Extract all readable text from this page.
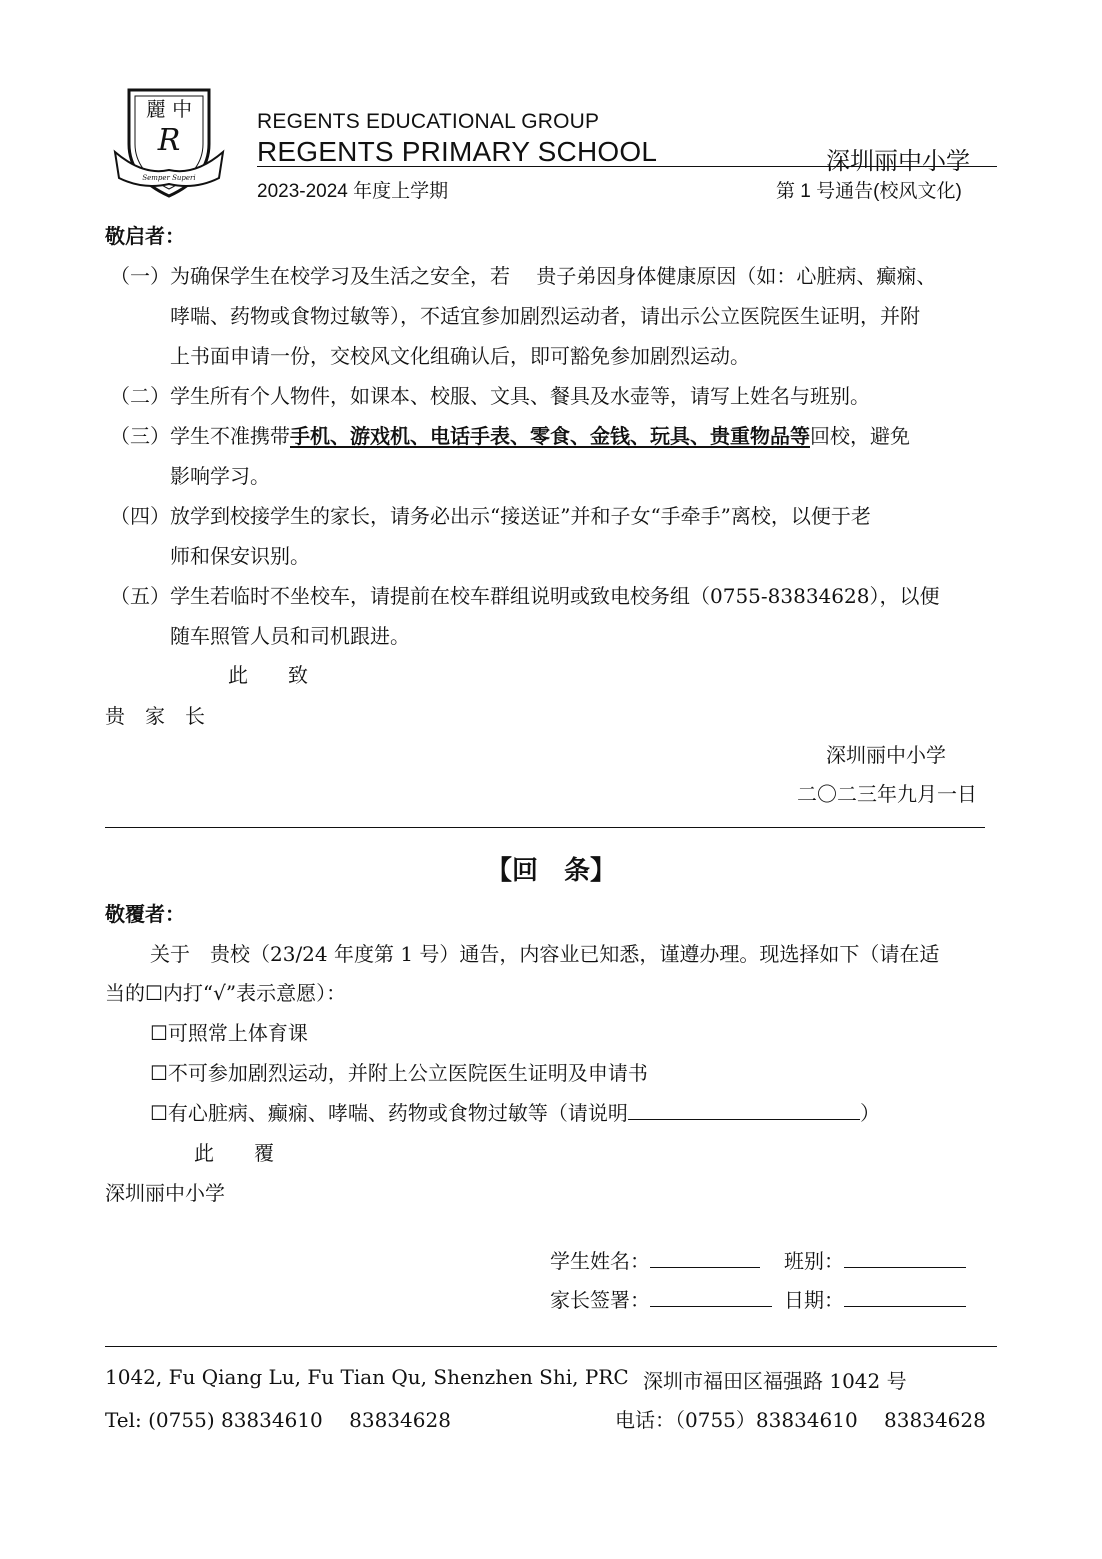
麗 中
R
Semper Superi
REGENTS EDUCATIONAL GROUP
REGENTS PRIMARY SCHOOL	深圳丽中小学
2023-2024 年度上学期	第 1 号通告(校风文化)
敬启者：
（一） 为确保学生在校学习及生活之安全，若　 贵子弟因身体健康原因（如：心脏病、癫痫、
哮喘、药物或食物过敏等），不适宜参加剧烈运动者，请出示公立医院医生证明，并附
上书面申请一份，交校风文化组确认后，即可豁免参加剧烈运动。
（二） 学生所有个人物件，如课本、校服、文具、餐具及水壶等，请写上姓名与班别。
（三） 学生不准携带手机、游戏机、电话手表、零食、金钱、玩具、贵重物品等回校，避免
影响学习。
（四） 放学到校接学生的家长，请务必出示“接送证”并和子女“手牵手”离校，以便于老
师和保安识别。
（五） 学生若临时不坐校车，请提前在校车群组说明或致电校务组（0755-83834628），以便
随车照管人员和司机跟进。
此　　致
贵　家　长
深圳丽中小学
二〇二三年九月一日
【回　条】
敬覆者：
关于　贵校（23/24 年度第 1 号）通告，内容业已知悉，谨遵办理。现选择如下（请在适
当的☐内打“√”表示意愿）：
☐可照常上体育课
☐不可参加剧烈运动，并附上公立医院医生证明及申请书
☐有心脏病、癫痫、哮喘、药物或食物过敏等（请说明	）
此　　覆
深圳丽中小学
学生姓名：	班别：
家长签署：	日期：
1042, Fu Qiang Lu, Fu Tian Qu, Shenzhen Shi, PRC 深圳市福田区福强路 1042 号
Tel: (0755) 83834610　 83834628	电话：（0755）83834610　 83834628
